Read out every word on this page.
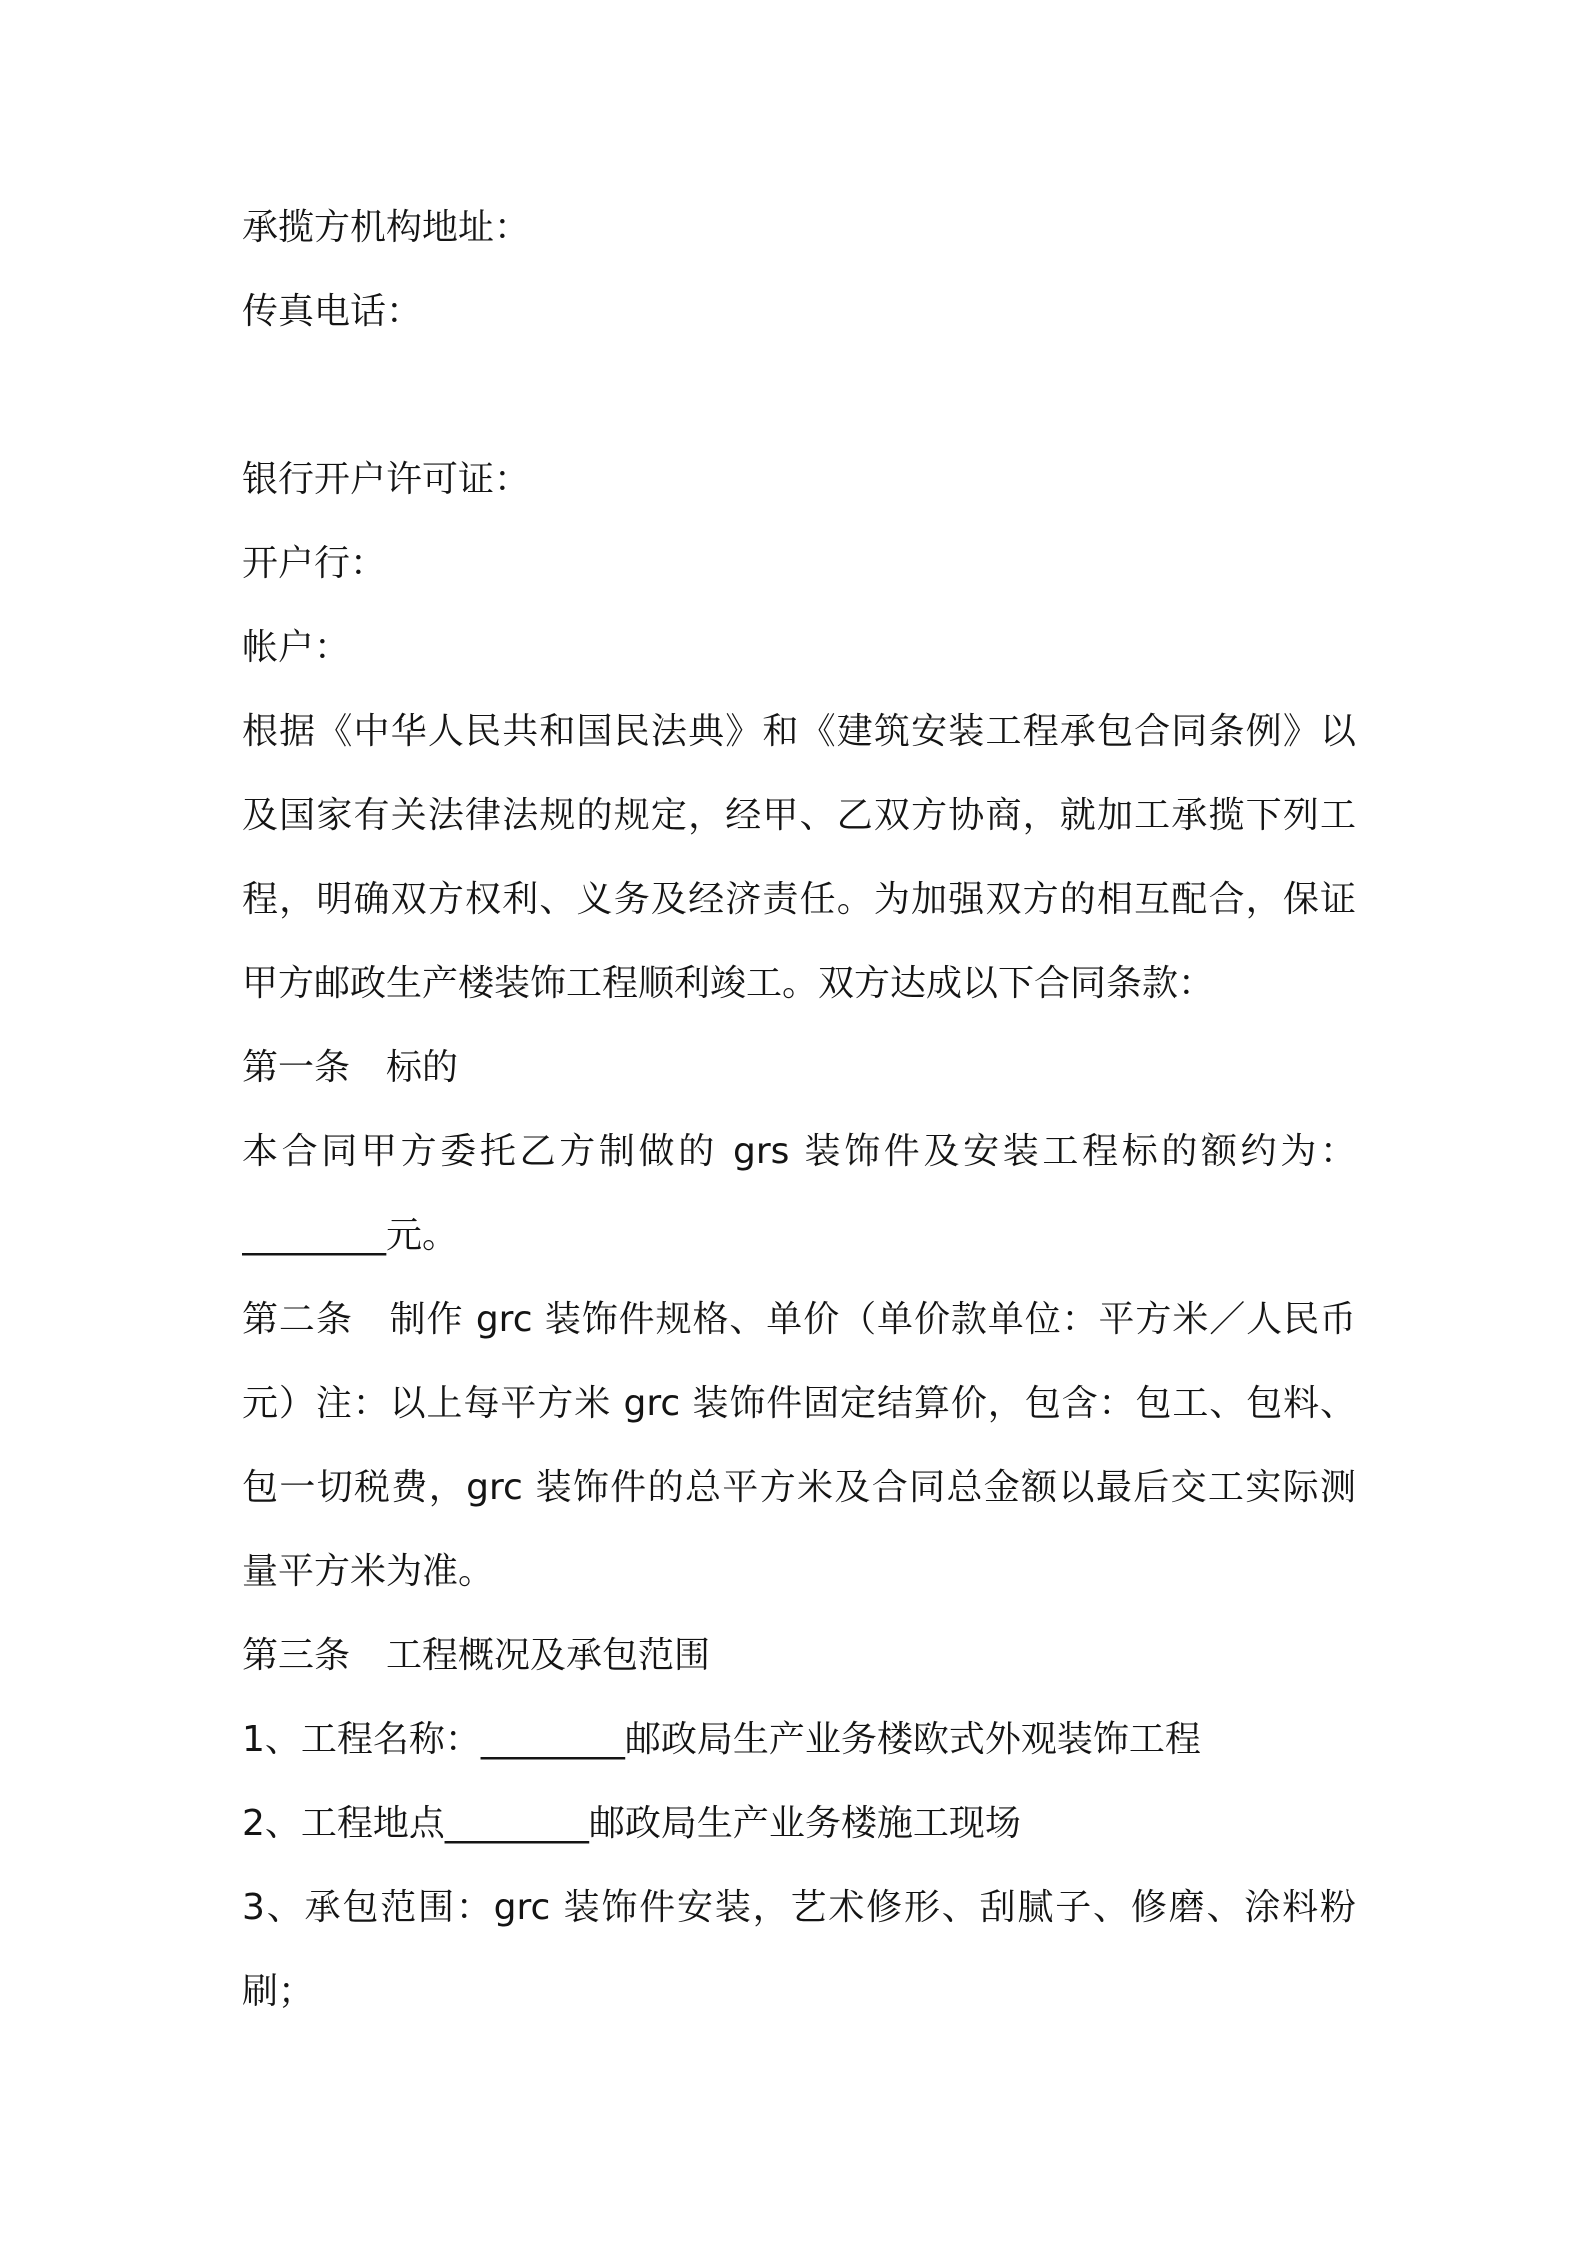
承揽方机构地址：
传真电话：
银行开户许可证：
开户行：
帐户：
根据《中华人民共和国民法典》和《建筑安装工程承包合同条例》以
及国家有关法律法规的规定，经甲、乙双方协商，就加工承揽下列工
程，明确双方权利、义务及经济责任。为加强双方的相互配合，保证
甲方邮政生产楼装饰工程顺利竣工。双方达成以下合同条款：
第一条　标的
本合同甲方委托乙方制做的 grs 装饰件及安装工程标的额约为：
________元。
第二条　制作 grc 装饰件规格、单价（单价款单位：平方米／人民币
元）注：以上每平方米 grc 装饰件固定结算价，包含：包工、包料、
包一切税费，grc 装饰件的总平方米及合同总金额以最后交工实际测
量平方米为准。
第三条　工程概况及承包范围
1、工程名称：________邮政局生产业务楼欧式外观装饰工程
2、工程地点________邮政局生产业务楼施工现场
3、承包范围：grc 装饰件安装，艺术修形、刮腻子、修磨、涂料粉
刷；
